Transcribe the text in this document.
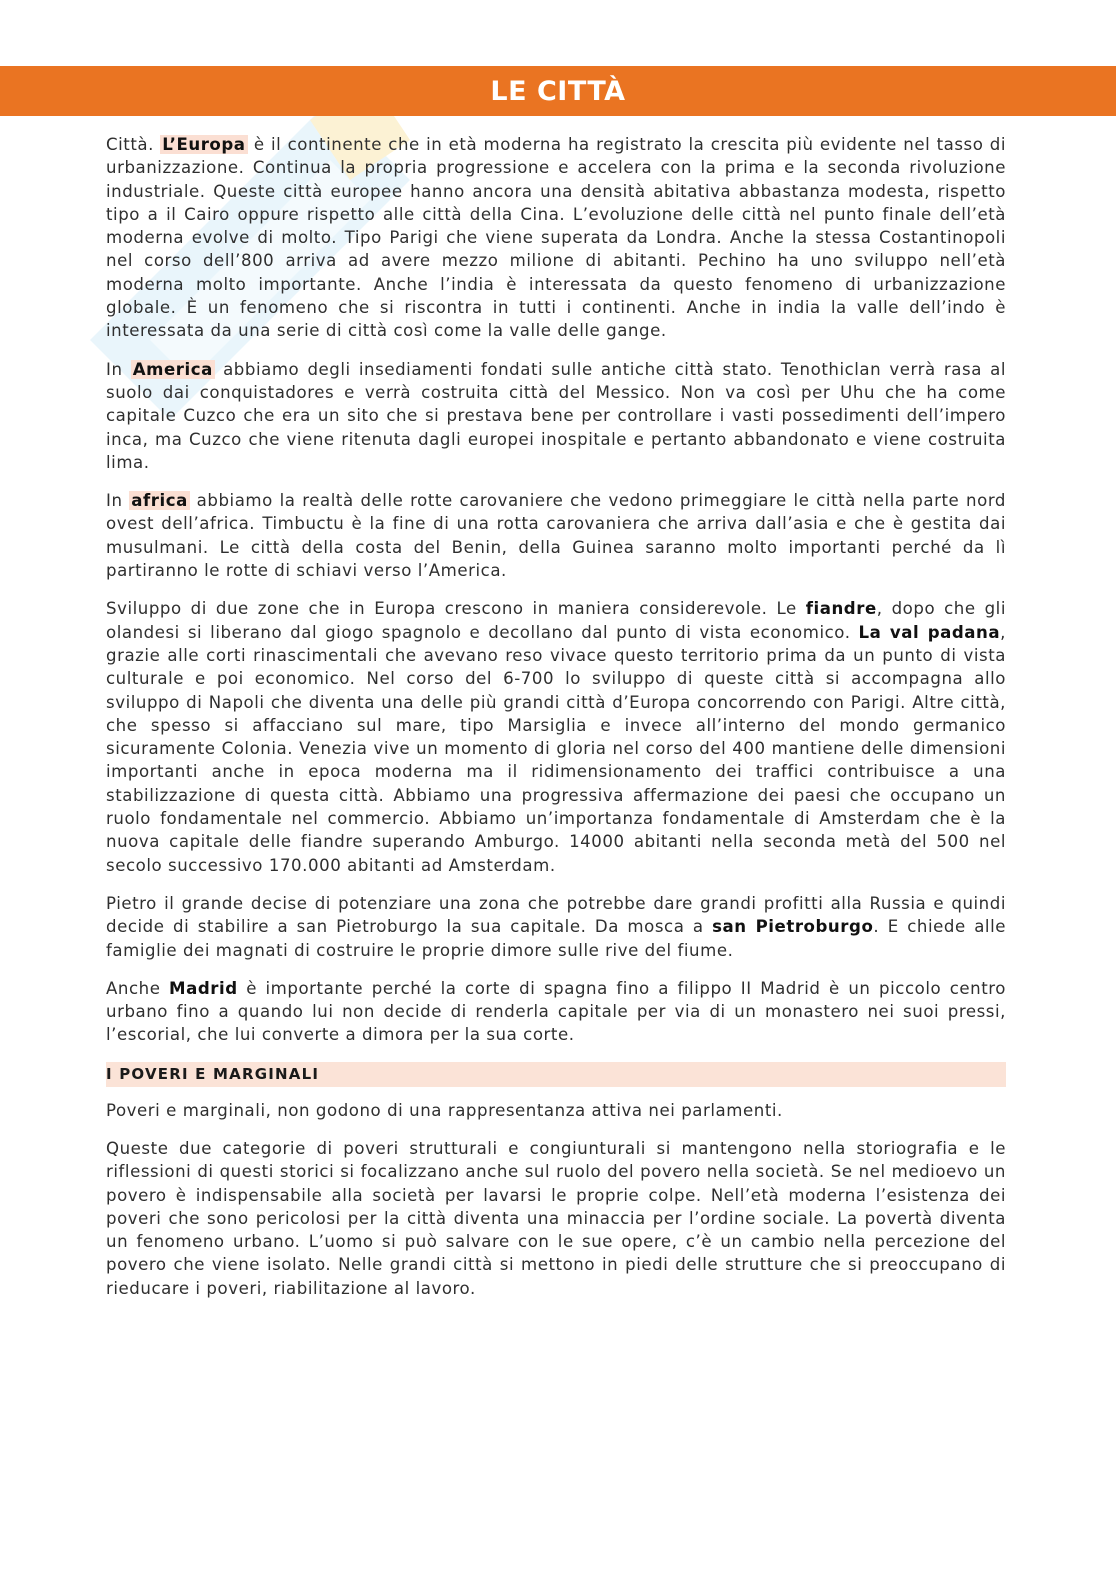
LE CITTÀ

Città. L’Europa è il continente che in età moderna ha registrato la crescita più evidente nel tasso di urbanizzazione. Continua la propria progressione e accelera con la prima e la seconda rivoluzione industriale. Queste città europee hanno ancora una densità abitativa abbastanza modesta, rispetto tipo a il Cairo oppure rispetto alle città della Cina. L’evoluzione delle città nel punto finale dell’età moderna evolve di molto. Tipo Parigi che viene superata da Londra. Anche la stessa Costantinopoli nel corso dell’800 arriva ad avere mezzo milione di abitanti. Pechino ha uno sviluppo nell’età moderna molto importante. Anche l’india è interessata da questo fenomeno di urbanizzazione globale. È un fenomeno che si riscontra in tutti i continenti. Anche in india la valle dell’indo è interessata da una serie di città così come la valle delle gange.

In America abbiamo degli insediamenti fondati sulle antiche città stato. Tenothiclan verrà rasa al suolo dai conquistadores e verrà costruita città del Messico. Non va così per Uhu che ha come capitale Cuzco che era un sito che si prestava bene per controllare i vasti possedimenti dell’impero inca, ma Cuzco che viene ritenuta dagli europei inospitale e pertanto abbandonato e viene costruita lima.

In africa abbiamo la realtà delle rotte carovaniere che vedono primeggiare le città nella parte nord ovest dell’africa. Timbuctu è la fine di una rotta carovaniera che arriva dall’asia e che è gestita dai musulmani. Le città della costa del Benin, della Guinea saranno molto importanti perché da lì partiranno le rotte di schiavi verso l’America.

Sviluppo di due zone che in Europa crescono in maniera considerevole. Le fiandre, dopo che gli olandesi si liberano dal giogo spagnolo e decollano dal punto di vista economico. La val padana, grazie alle corti rinascimentali che avevano reso vivace questo territorio prima da un punto di vista culturale e poi economico. Nel corso del 6-700 lo sviluppo di queste città si accompagna allo sviluppo di Napoli che diventa una delle più grandi città d’Europa concorrendo con Parigi. Altre città, che spesso si affacciano sul mare, tipo Marsiglia e invece all’interno del mondo germanico sicuramente Colonia. Venezia vive un momento di gloria nel corso del 400 mantiene delle dimensioni importanti anche in epoca moderna ma il ridimensionamento dei traffici contribuisce a una stabilizzazione di questa città. Abbiamo una progressiva affermazione dei paesi che occupano un ruolo fondamentale nel commercio. Abbiamo un’importanza fondamentale di Amsterdam che è la nuova capitale delle fiandre superando Amburgo. 14000 abitanti nella seconda metà del 500 nel secolo successivo 170.000 abitanti ad Amsterdam.

Pietro il grande decise di potenziare una zona che potrebbe dare grandi profitti alla Russia e quindi decide di stabilire a san Pietroburgo la sua capitale. Da mosca a san Pietroburgo. E chiede alle famiglie dei magnati di costruire le proprie dimore sulle rive del fiume.

Anche Madrid è importante perché la corte di spagna fino a filippo II Madrid è un piccolo centro urbano fino a quando lui non decide di renderla capitale per via di un monastero nei suoi pressi, l’escorial, che lui converte a dimora per la sua corte.

I POVERI E MARGINALI

Poveri e marginali, non godono di una rappresentanza attiva nei parlamenti.

Queste due categorie di poveri strutturali e congiunturali si mantengono nella storiografia e le riflessioni di questi storici si focalizzano anche sul ruolo del povero nella società. Se nel medioevo un povero è indispensabile alla società per lavarsi le proprie colpe. Nell’età moderna l’esistenza dei poveri che sono pericolosi per la città diventa una minaccia per l’ordine sociale. La povertà diventa un fenomeno urbano. L’uomo si può salvare con le sue opere, c’è un cambio nella percezione del povero che viene isolato. Nelle grandi città si mettono in piedi delle strutture che si preoccupano di rieducare i poveri, riabilitazione al lavoro.
